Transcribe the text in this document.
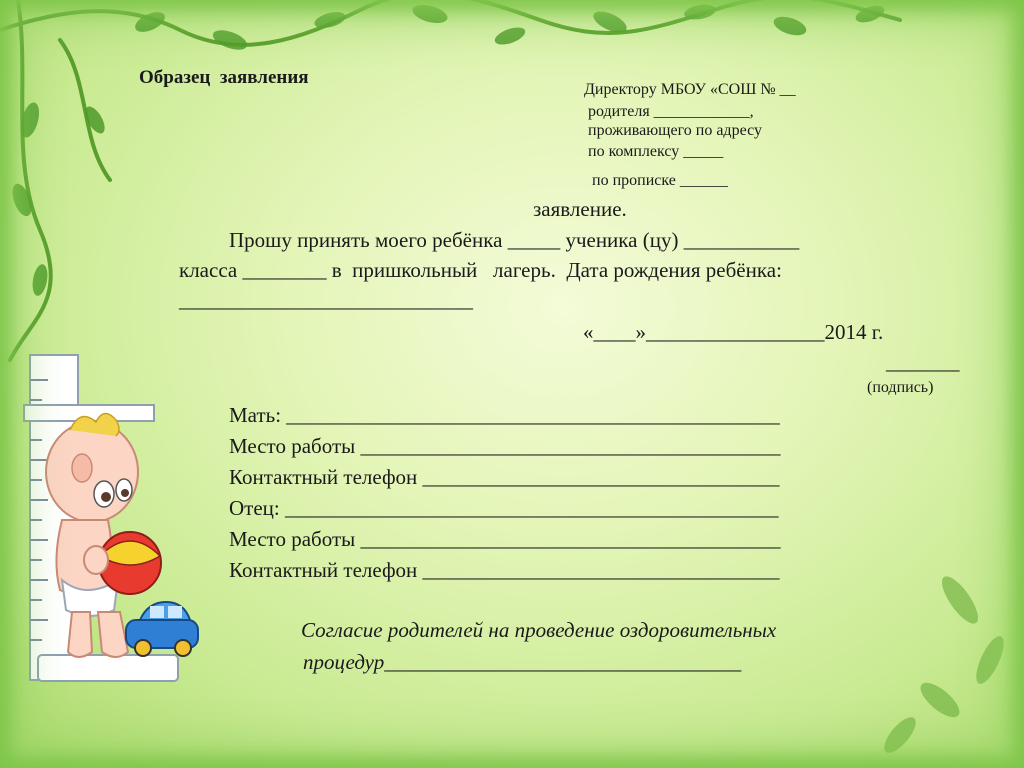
Образец  заявления
Директору МБОУ «СОШ № __
родителя ____________,
проживающего по адресу
по комплексу _____
по прописке ______
заявление.
Прошу принять моего ребёнка _____ ученика (цу) ___________
класса ________ в  пришкольный   лагерь.  Дата рождения ребёнка:
____________________________
«____»_________________2014 г.
_______
(подпись)
Мать: _______________________________________________
Место работы ________________________________________
Контактный телефон __________________________________
Отец: _______________________________________________
Место работы ________________________________________
Контактный телефон __________________________________
Согласие родителей на проведение оздоровительных
процедур__________________________________
